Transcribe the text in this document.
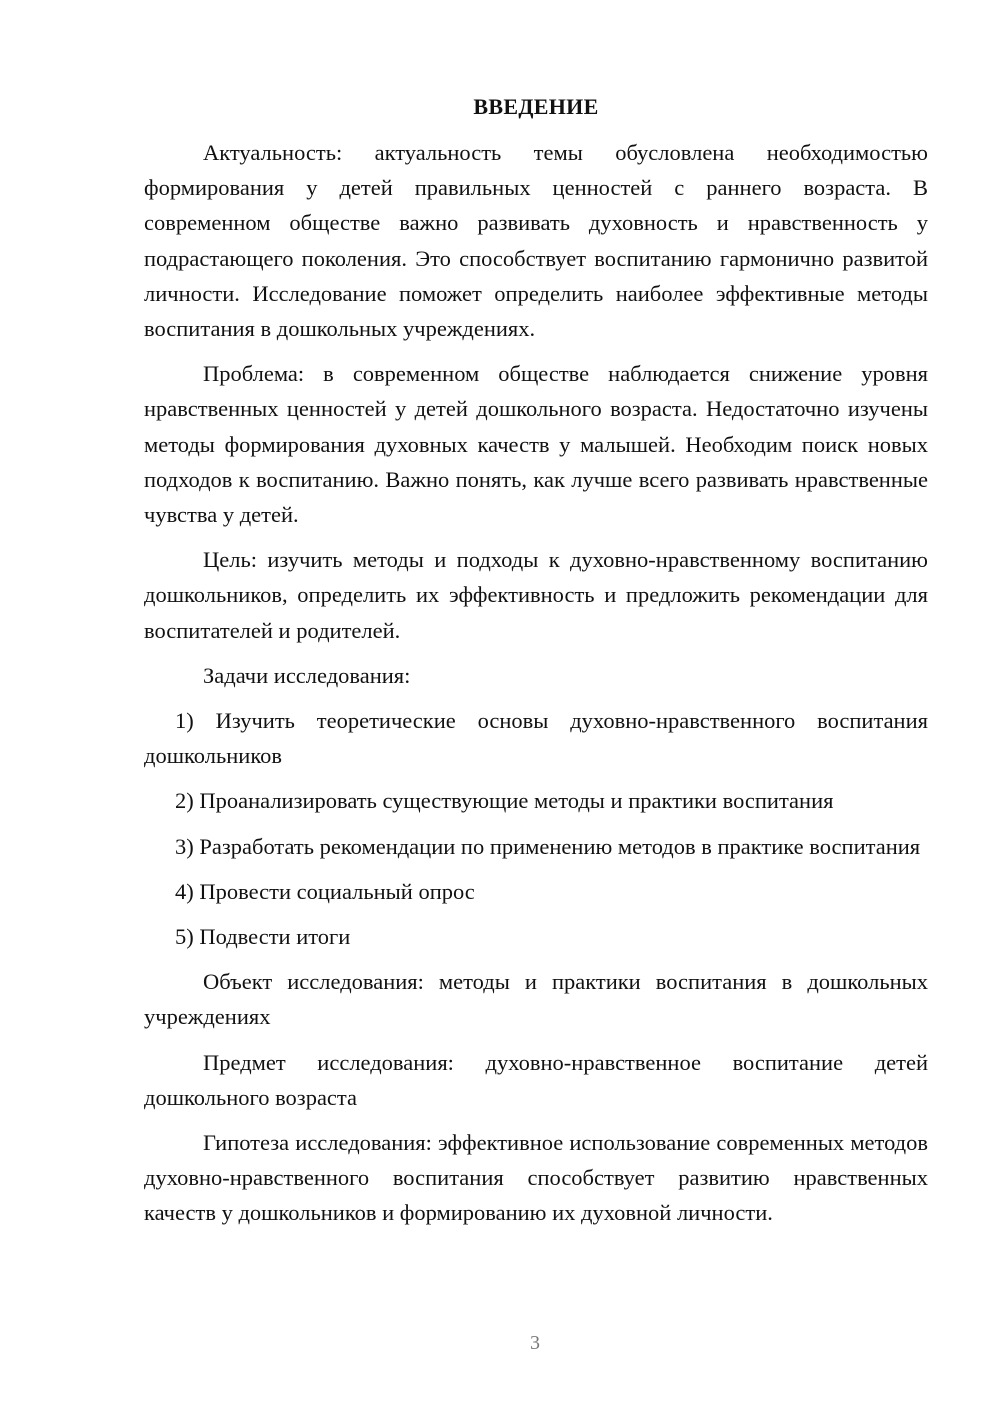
ВВЕДЕНИЕ

Актуальность: актуальность темы обусловлена необходимостью формирования у детей правильных ценностей с раннего возраста. В современном обществе важно развивать духовность и нравственность у подрастающего поколения. Это способствует воспитанию гармонично развитой личности. Исследование поможет определить наиболее эффективные методы воспитания в дошкольных учреждениях.

Проблема: в современном обществе наблюдается снижение уровня нравственных ценностей у детей дошкольного возраста. Недостаточно изучены методы формирования духовных качеств у малышей. Необходим поиск новых подходов к воспитанию. Важно понять, как лучше всего развивать нравственные чувства у детей.

Цель: изучить методы и подходы к духовно-нравственному воспитанию дошкольников, определить их эффективность и предложить рекомендации для воспитателей и родителей.

Задачи исследования:

1) Изучить теоретические основы духовно-нравственного воспитания дошкольников

2) Проанализировать существующие методы и практики воспитания

3) Разработать рекомендации по применению методов в практике воспитания

4) Провести социальный опрос

5) Подвести итоги

Объект исследования: методы и практики воспитания в дошкольных учреждениях

Предмет исследования: духовно-нравственное воспитание детей дошкольного возраста

Гипотеза исследования: эффективное использование современных методов духовно-нравственного воспитания способствует развитию нравственных качеств у дошкольников и формированию их духовной личности.

3
